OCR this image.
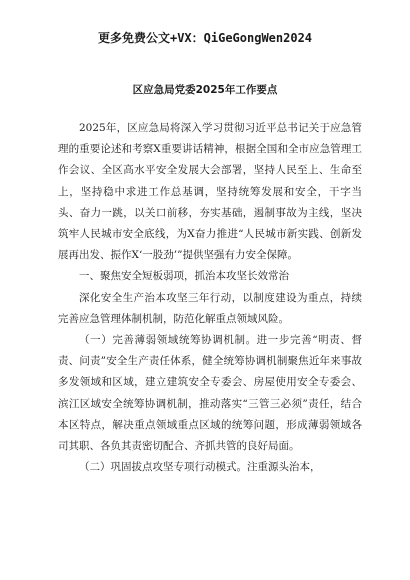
更多免费公文+VX：QiGeGongWen2024

区应急局党委2025年工作要点

2025年，区应急局将深入学习贯彻习近平总书记关于应急管理的重要论述和考察X重要讲话精神，根据全国和全市应急管理工作会议、全区高水平安全发展大会部署，坚持人民至上、生命至上，坚持稳中求进工作总基调，坚持统筹发展和安全，干字当头、奋力一跳，以关口前移，夯实基础，遏制事故为主线，坚决筑牢人民城市安全底线，为X奋力推进“人民城市新实践、创新发展再出发、振作X‘一股劲’”提供坚强有力安全保障。

一、聚焦安全短板弱项，抓治本攻坚长效常治

深化安全生产治本攻坚三年行动，以制度建设为重点，持续完善应急管理体制机制，防范化解重点领域风险。

（一）完善薄弱领域统筹协调机制。进一步完善“明责、督责、问责”安全生产责任体系，健全统筹协调机制聚焦近年来事故多发领域和区域，建立建筑安全专委会、房屋使用安全专委会、滨江区域安全统筹协调机制，推动落实“三管三必须”责任，结合本区特点，解决重点领域重点区域的统筹问题，形成薄弱领域各司其职、各负其责密切配合、齐抓共管的良好局面。

（二）巩固拔点攻坚专项行动模式。注重源头治本，
